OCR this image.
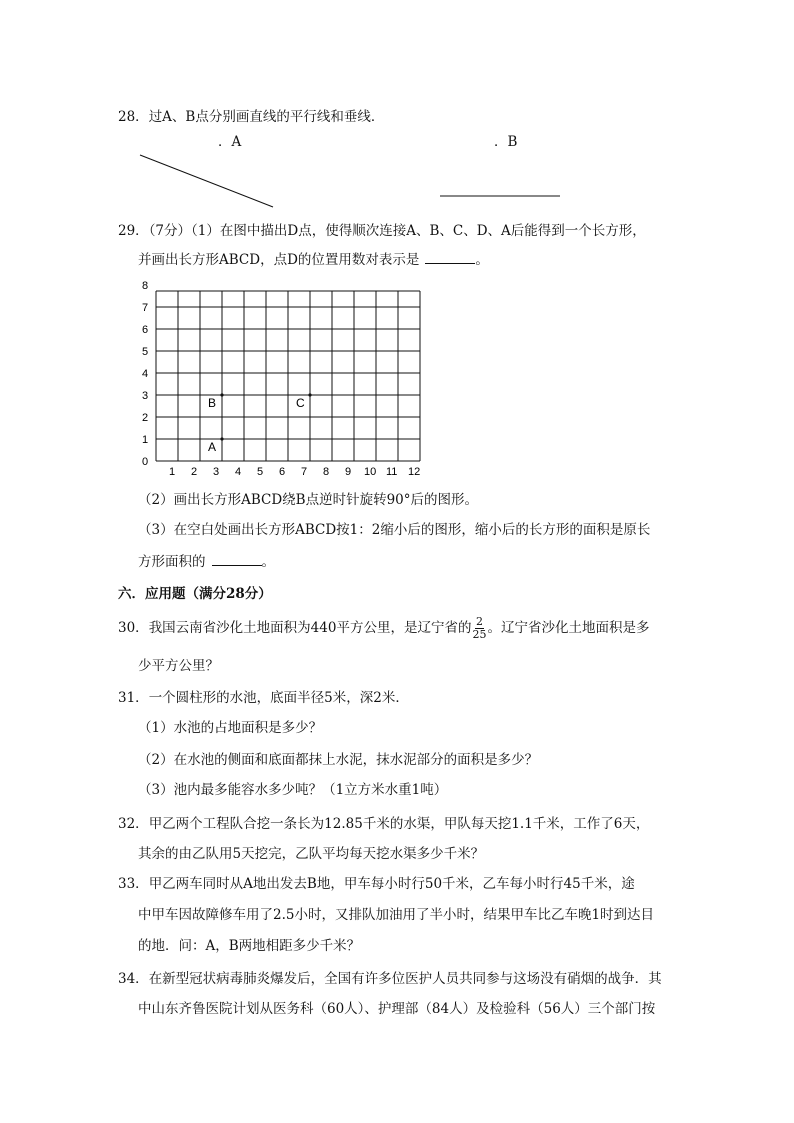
28．过A、B点分别画直线的平行线和垂线．
．A	．B
29．（7分）（1）在图中描出D点，使得顺次连接A、B、C、D、A后能得到一个长方形，
并画出长方形ABCD，点D的位置用数对表示是	。
1 2 3 4 5 6 7 8 9 10 11 12
0
1
2
3
4
5
6
7
8
A
B	C
（2）画出长方形ABCD绕B点逆时针旋转90°后的图形。
（3）在空白处画出长方形ABCD按1：2缩小后的图形，缩小后的长方形的面积是原长
方形面积的	。
六．应用题（满分28分）
30．我国云南省沙化土地面积为440平方公里，是辽宁省的 $\frac{2}{25}$ 。辽宁省沙化土地面积是多
少平方公里？
31．一个圆柱形的水池，底面半径5米，深2米．
（1）水池的占地面积是多少？
（2）在水池的侧面和底面都抹上水泥，抹水泥部分的面积是多少？
（3）池内最多能容水多少吨？（1立方米水重1吨）
32．甲乙两个工程队合挖一条长为12.85千米的水渠，甲队每天挖1.1千米，工作了6天，
其余的由乙队用5天挖完，乙队平均每天挖水渠多少千米？
33．甲乙两车同时从A地出发去B地，甲车每小时行50千米，乙车每小时行45千米，途
中甲车因故障修车用了2.5小时，又排队加油用了半小时，结果甲车比乙车晚1时到达目
的地．问：A，B两地相距多少千米？
34．在新型冠状病毒肺炎爆发后，全国有许多位医护人员共同参与这场没有硝烟的战争．其
中山东齐鲁医院计划从医务科（60人）、护理部（84人）及检验科（56人）三个部门按
